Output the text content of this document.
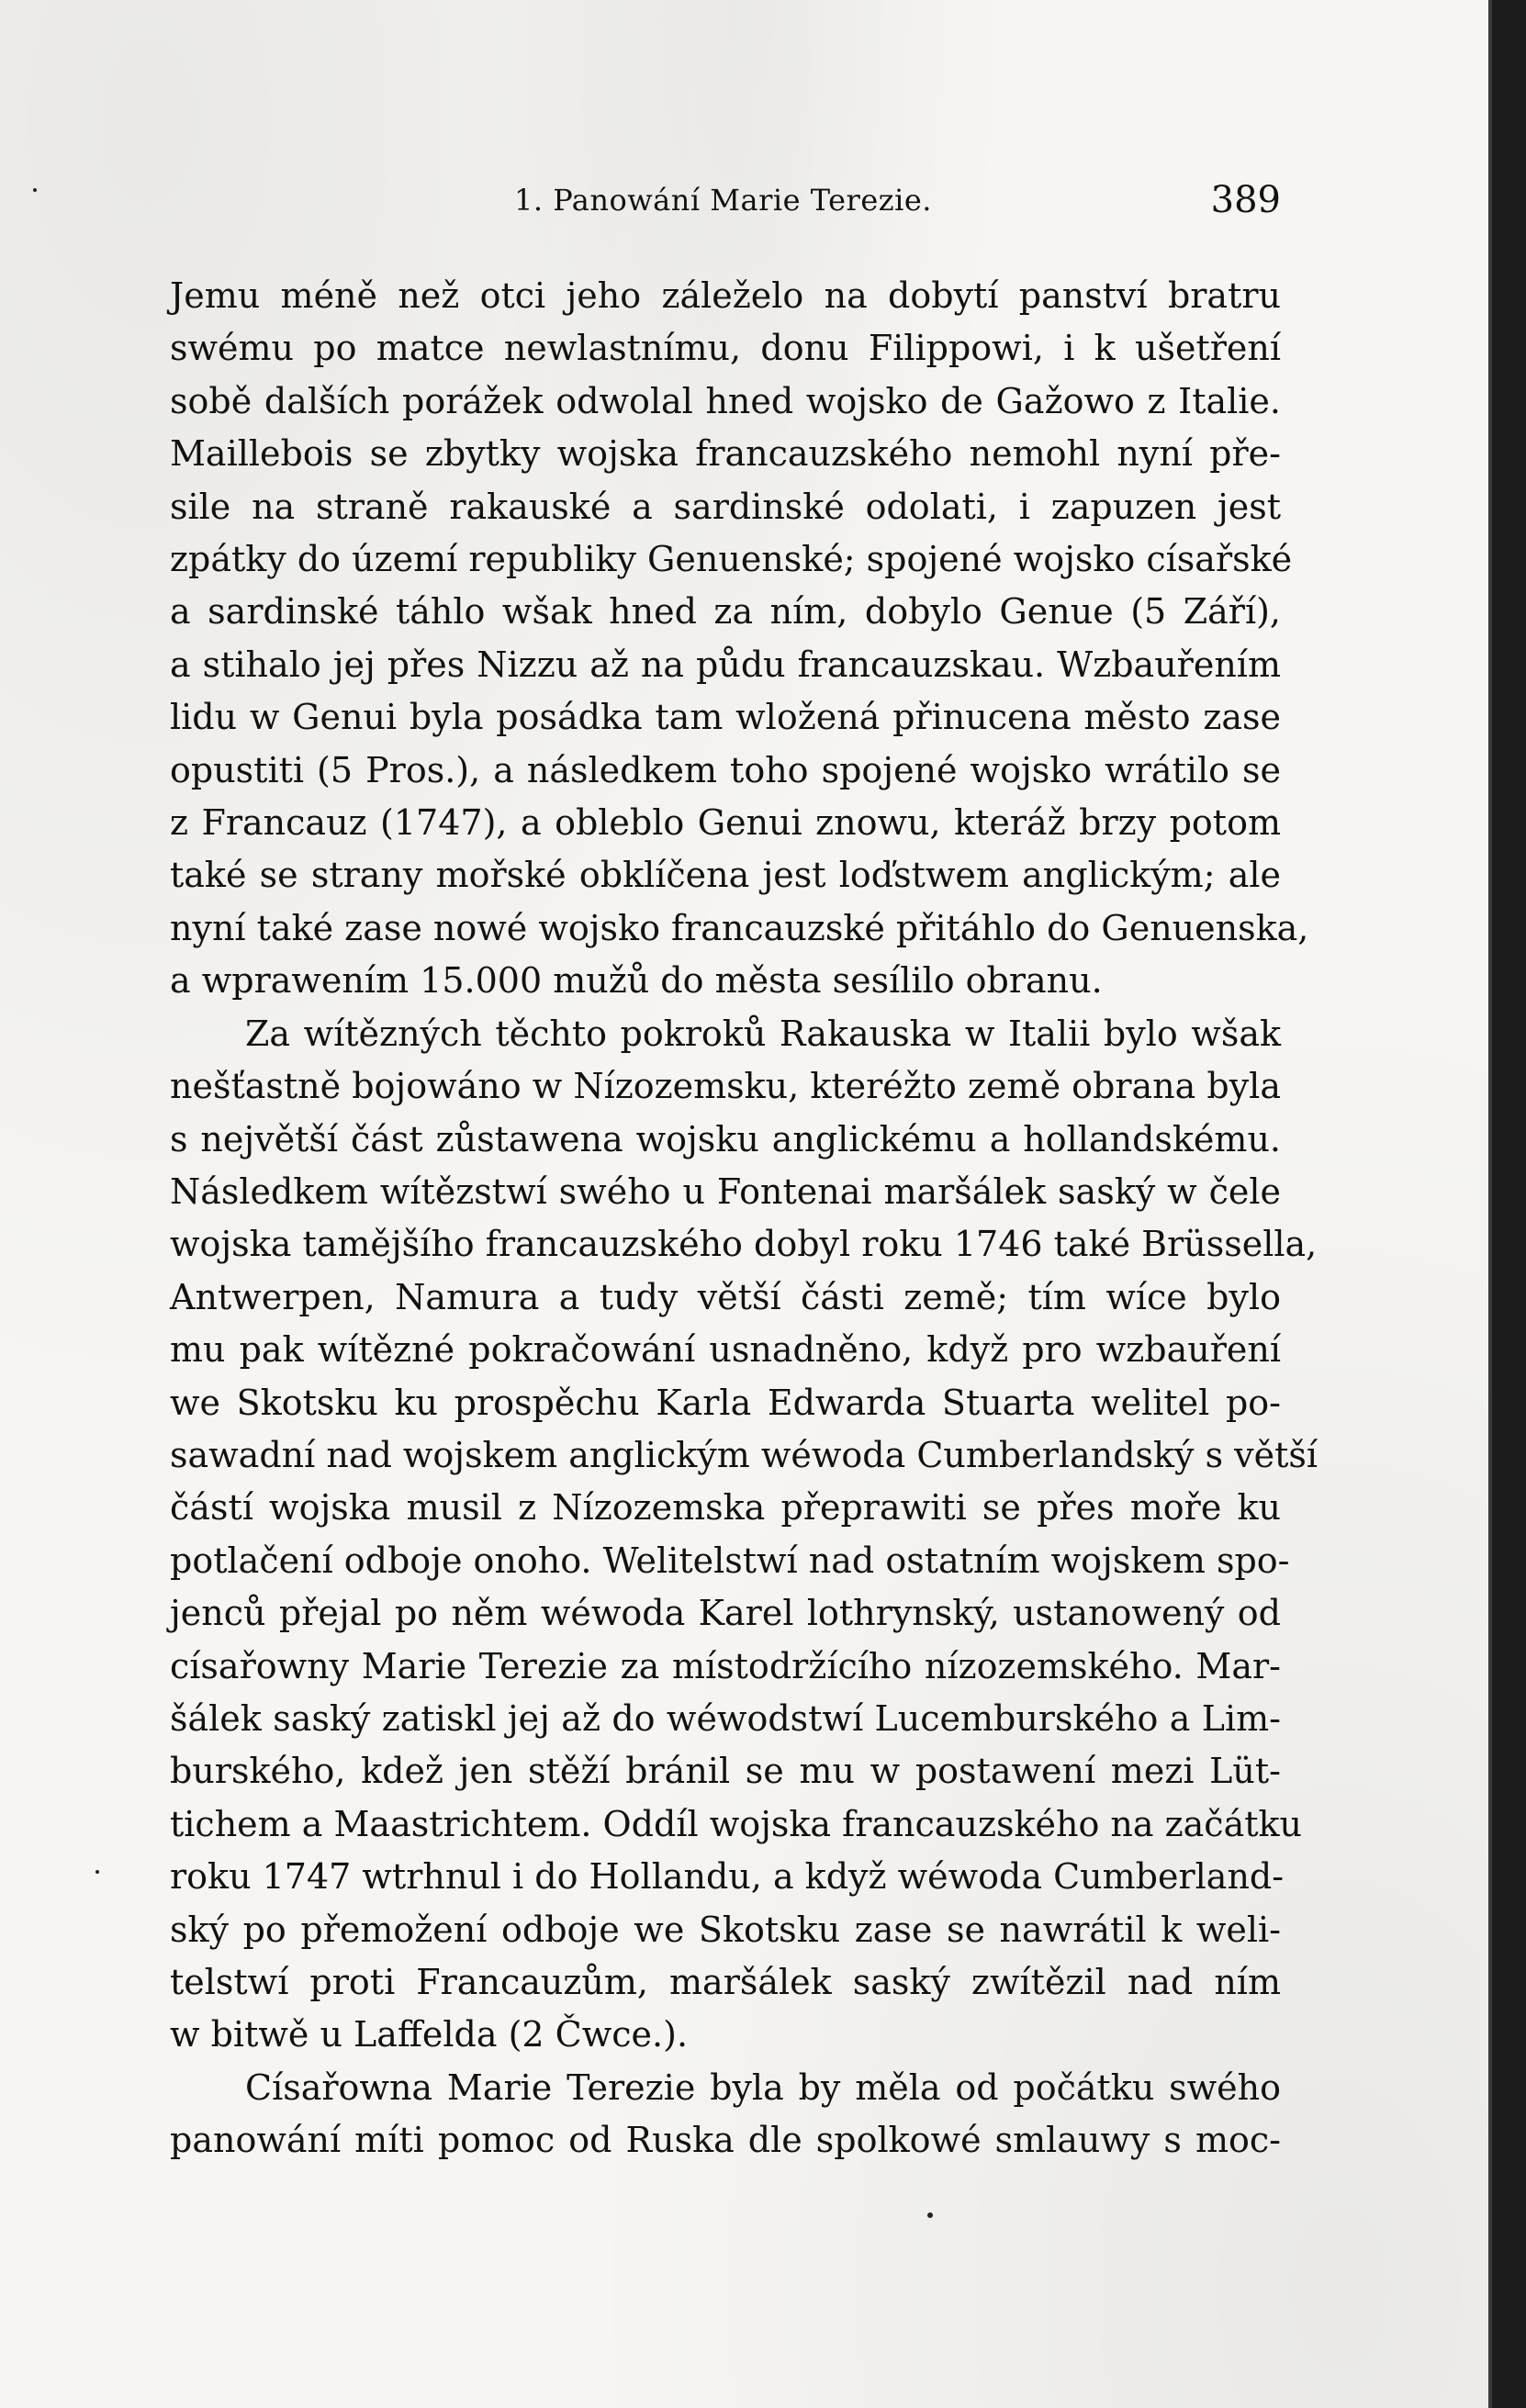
1. Panowání Marie Terezie.	389
Jemu méně než otci jeho záleželo na dobytí panství bratru
swému po matce newlastnímu, donu Filippowi, i k ušetření
sobě dalších porážek odwolal hned wojsko de Gažowo z Italie.
Maillebois se zbytky wojska francauzského nemohl nyní pře-
sile na straně rakauské a sardinské odolati, i zapuzen jest
zpátky do území republiky Genuenské; spojené wojsko císařské
a sardinské táhlo wšak hned za ním, dobylo Genue (5 Září),
a stihalo jej přes Nizzu až na půdu francauzskau. Wzbauřením
lidu w Genui byla posádka tam wložená přinucena město zase
opustiti (5 Pros.), a následkem toho spojené wojsko wrátilo se
z Francauz (1747), a obleblo Genui znowu, kteráž brzy potom
také se strany mořské obklíčena jest loďstwem anglickým; ale
nyní také zase nowé wojsko francauzské přitáhlo do Genuenska,
a wprawením 15.000 mužů do města sesílilo obranu.
Za wítězných těchto pokroků Rakauska w Italii bylo wšak
nešťastně bojowáno w Nízozemsku, kteréžto země obrana byla
s největší část zůstawena wojsku anglickému a hollandskému.
Následkem wítězstwí swého u Fontenai maršálek saský w čele
wojska tamějšího francauzského dobyl roku 1746 také Brüssella,
Antwerpen, Namura a tudy větší části země; tím wíce bylo
mu pak wítězné pokračowání usnadněno, když pro wzbauření
we Skotsku ku prospěchu Karla Edwarda Stuarta welitel po-
sawadní nad wojskem anglickým wéwoda Cumberlandský s větší
částí wojska musil z Nízozemska přeprawiti se přes moře ku
potlačení odboje onoho. Welitelstwí nad ostatním wojskem spo-
jenců přejal po něm wéwoda Karel lothrynský, ustanowený od
císařowny Marie Terezie za místodržícího nízozemského. Mar-
šálek saský zatiskl jej až do wéwodstwí Lucemburského a Lim-
burského, kdež jen stěží bránil se mu w postawení mezi Lüt-
tichem a Maastrichtem. Oddíl wojska francauzského na začátku
roku 1747 wtrhnul i do Hollandu, a když wéwoda Cumberland-
ský po přemožení odboje we Skotsku zase se nawrátil k weli-
telstwí proti Francauzům, maršálek saský zwítězil nad ním
w bitwě u Laffelda (2 Čwce.).
Císařowna Marie Terezie byla by měla od počátku swého
panowání míti pomoc od Ruska dle spolkowé smlauwy s moc-
